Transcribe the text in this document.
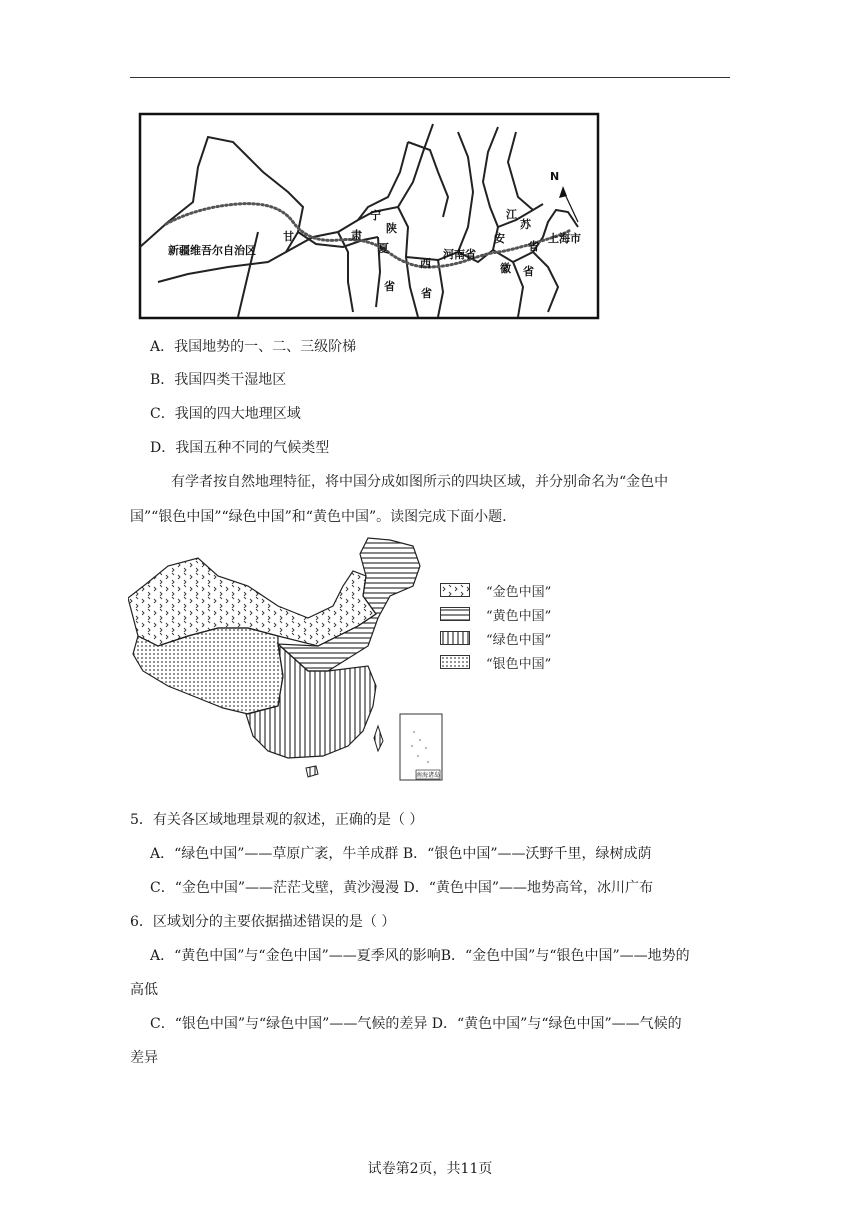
N
新疆维吾尔自治区
甘	肃
宁
夏
陕
西
省
省
河南省
安
徽 省
江
苏
省
上海市
A．我国地势的一、二、三级阶梯
B．我国四类干湿地区
C．我国的四大地理区域
D．我国五种不同的气候类型
有学者按自然地理特征，将中国分成如图所示的四块区域，并分别命名为“金色中
国”“银色中国”“绿色中国”和“黄色中国”。读图完成下面小题.
南海诸岛
“金色中国”
“黄色中国”
“绿色中国”
“银色中国”
5．有关各区域地理景观的叙述，正确的是（ ）
A．“绿色中国”——草原广袤，牛羊成群 B．“银色中国”——沃野千里，绿树成荫
C．“金色中国”——茫茫戈壁，黄沙漫漫 D．“黄色中国”——地势高耸，冰川广布
6．区域划分的主要依据描述错误的是（ ）
A．“黄色中国”与“金色中国”——夏季风的影响B．“金色中国”与“银色中国”——地势的
高低
C．“银色中国”与“绿色中国”——气候的差异 D．“黄色中国”与“绿色中国”——气候的
差异
试卷第2页，共11页
